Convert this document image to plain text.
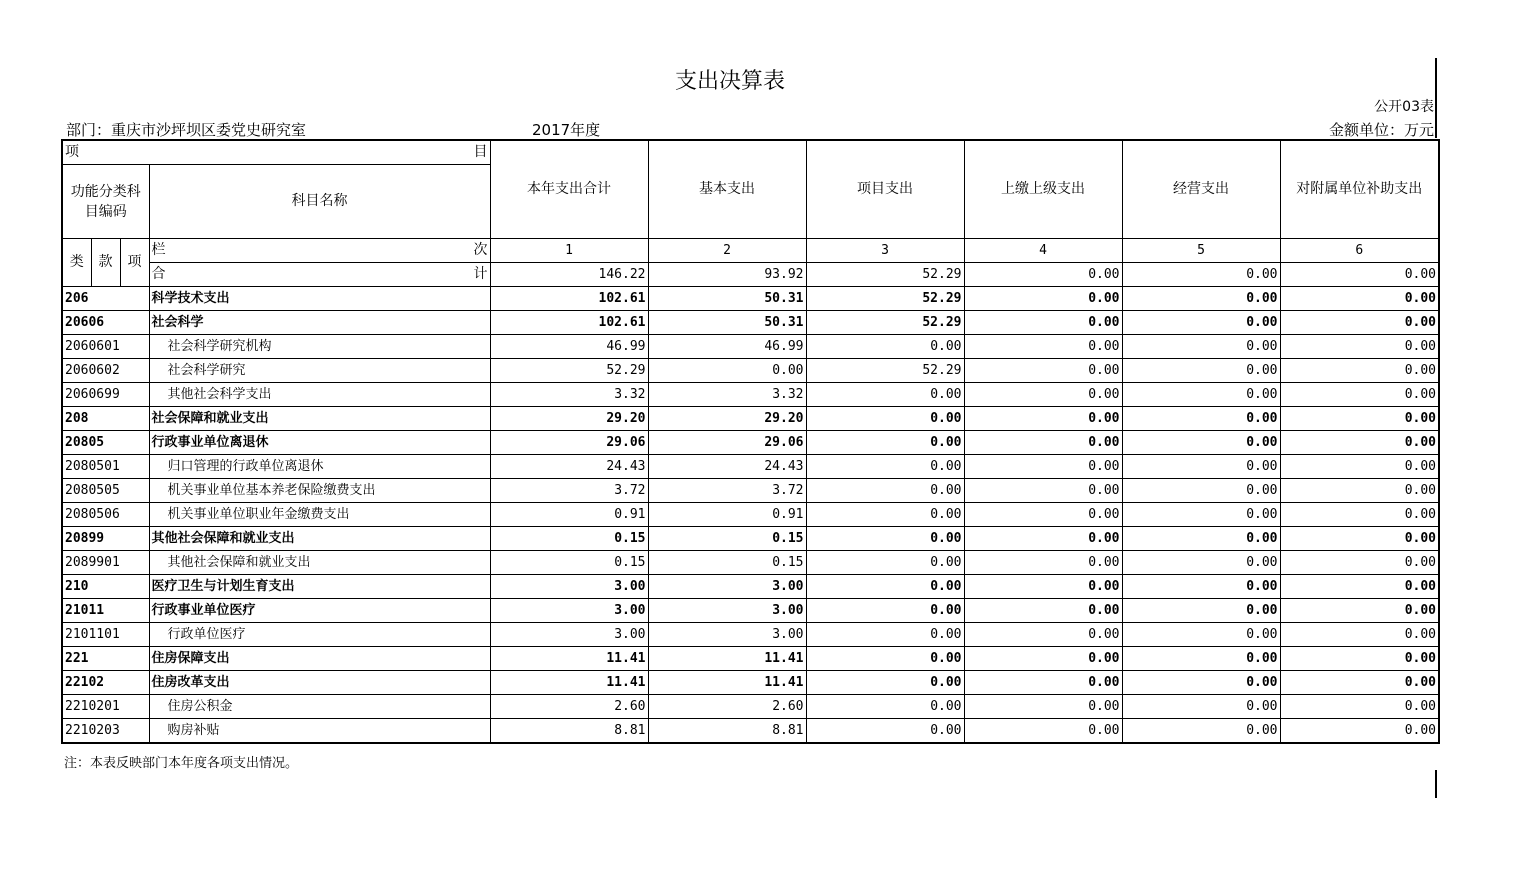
支出决算表
公开03表
部门：重庆市沙坪坝区委党史研究室	2017年度	金额单位：万元
项 目				本年支出合计	基本支出	项目支出	上缴上级支出	经营支出	对附属单位补助支出
功能分类科目编码			科目名称						

类	款	项	栏 次	1	2	3	4	5	6

			合 计	146.22	93.92	52.29	0.00	0.00	0.00
206			科学技术支出	102.61	50.31	52.29	0.00	0.00	0.00
20606			社会科学	102.61	50.31	52.29	0.00	0.00	0.00
2060601			社会科学研究机构	46.99	46.99	0.00	0.00	0.00	0.00
2060602			社会科学研究	52.29	0.00	52.29	0.00	0.00	0.00
2060699			其他社会科学支出	3.32	3.32	0.00	0.00	0.00	0.00
208			社会保障和就业支出	29.20	29.20	0.00	0.00	0.00	0.00
20805			行政事业单位离退休	29.06	29.06	0.00	0.00	0.00	0.00
2080501			归口管理的行政单位离退休	24.43	24.43	0.00	0.00	0.00	0.00
2080505			机关事业单位基本养老保险缴费支出	3.72	3.72	0.00	0.00	0.00	0.00
2080506			机关事业单位职业年金缴费支出	0.91	0.91	0.00	0.00	0.00	0.00
20899			其他社会保障和就业支出	0.15	0.15	0.00	0.00	0.00	0.00
2089901			其他社会保障和就业支出	0.15	0.15	0.00	0.00	0.00	0.00
210			医疗卫生与计划生育支出	3.00	3.00	0.00	0.00	0.00	0.00
21011			行政事业单位医疗	3.00	3.00	0.00	0.00	0.00	0.00
2101101			行政单位医疗	3.00	3.00	0.00	0.00	0.00	0.00
221			住房保障支出	11.41	11.41	0.00	0.00	0.00	0.00
22102			住房改革支出	11.41	11.41	0.00	0.00	0.00	0.00
2210201			住房公积金	2.60	2.60	0.00	0.00	0.00	0.00
2210203			购房补贴	8.81	8.81	0.00	0.00	0.00	0.00
注：本表反映部门本年度各项支出情况。
